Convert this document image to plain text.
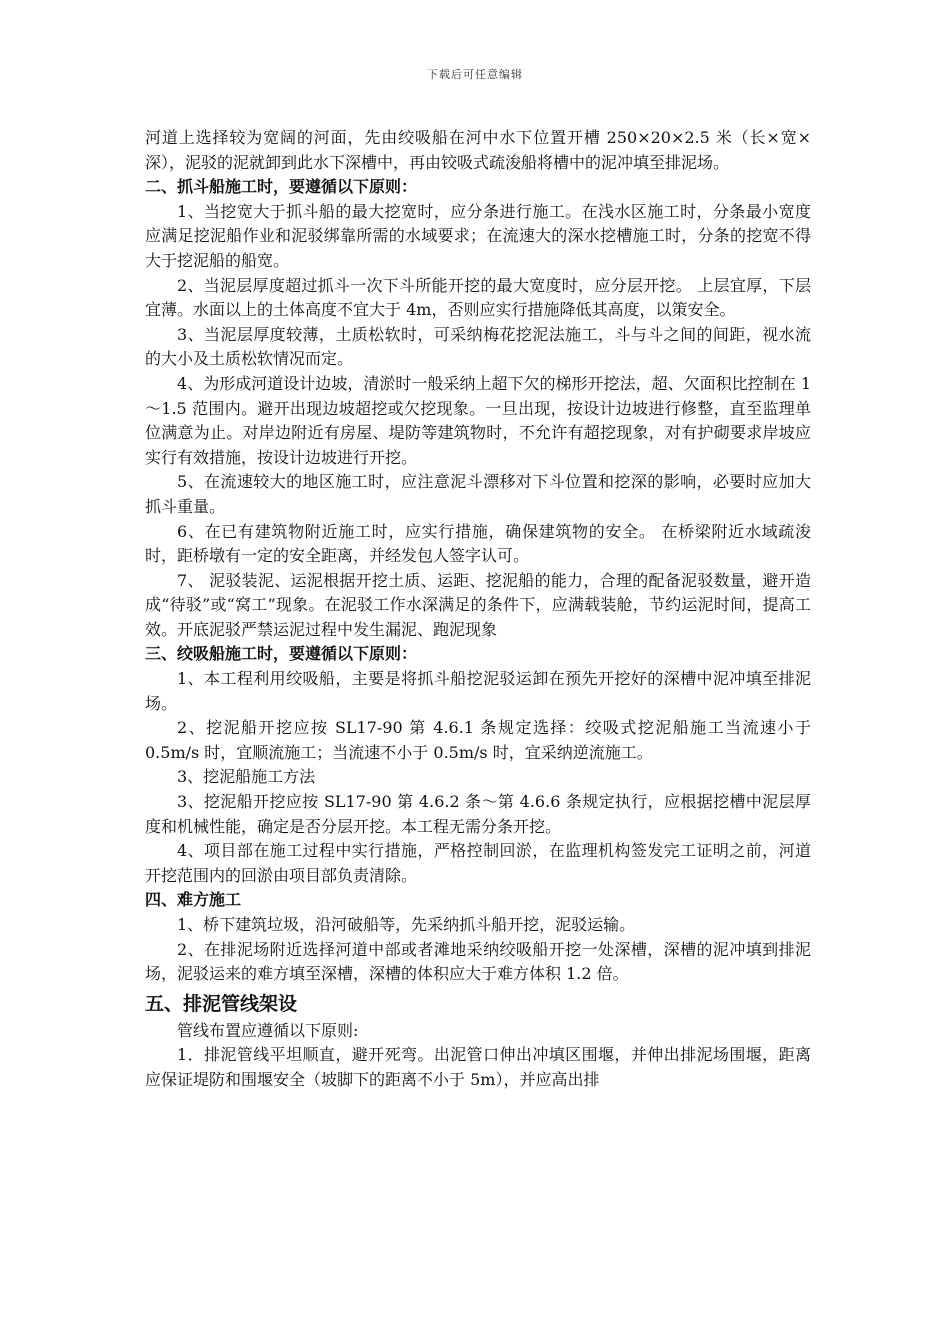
下载后可任意编辑

河道上选择较为宽阔的河面，先由绞吸船在河中水下位置开槽 250×20×2.5 米（长×宽×深），泥驳的泥就卸到此水下深槽中，再由铰吸式疏浚船将槽中的泥冲填至排泥场。

二、抓斗船施工时，要遵循以下原则：

1、当挖宽大于抓斗船的最大挖宽时，应分条进行施工。在浅水区施工时，分条最小宽度应满足挖泥船作业和泥驳绑靠所需的水域要求；在流速大的深水挖槽施工时，分条的挖宽不得大于挖泥船的船宽。

2、当泥层厚度超过抓斗一次下斗所能开挖的最大宽度时，应分层开挖。 上层宜厚，下层宜薄。水面以上的土体高度不宜大于 4m，否则应实行措施降低其高度，以策安全。

3、当泥层厚度较薄，土质松软时，可采纳梅花挖泥法施工，斗与斗之间的间距，视水流的大小及土质松软情况而定。

4、为形成河道设计边坡，清淤时一般采纳上超下欠的梯形开挖法，超、欠面积比控制在 1～1.5 范围内。避开出现边坡超挖或欠挖现象。一旦出现，按设计边坡进行修整，直至监理单位满意为止。对岸边附近有房屋、堤防等建筑物时，不允许有超挖现象，对有护砌要求岸坡应实行有效措施，按设计边坡进行开挖。

5、在流速较大的地区施工时，应注意泥斗漂移对下斗位置和挖深的影响，必要时应加大抓斗重量。

6、在已有建筑物附近施工时，应实行措施，确保建筑物的安全。 在桥梁附近水域疏浚时，距桥墩有一定的安全距离，并经发包人签字认可。

7、 泥驳装泥、运泥根据开挖土质、运距、挖泥船的能力，合理的配备泥驳数量，避开造成“待驳”或“窝工”现象。在泥驳工作水深满足的条件下，应满载装舱，节约运泥时间，提高工效。开底泥驳严禁运泥过程中发生漏泥、跑泥现象

三、绞吸船施工时，要遵循以下原则：

1、本工程利用绞吸船，主要是将抓斗船挖泥驳运卸在预先开挖好的深槽中泥冲填至排泥场。

2、挖泥船开挖应按 SL17-90 第 4.6.1 条规定选择：绞吸式挖泥船施工当流速小于 0.5m/s 时，宜顺流施工；当流速不小于 0.5m/s 时，宜采纳逆流施工。

3、挖泥船施工方法

3、挖泥船开挖应按 SL17-90 第 4.6.2 条～第 4.6.6 条规定执行，应根据挖槽中泥层厚度和机械性能，确定是否分层开挖。本工程无需分条开挖。

4、项目部在施工过程中实行措施，严格控制回淤，在监理机构签发完工证明之前，河道开挖范围内的回淤由项目部负责清除。

四、难方施工

1、桥下建筑垃圾，沿河破船等，先采纳抓斗船开挖，泥驳运输。

2、在排泥场附近选择河道中部或者滩地采纳绞吸船开挖一处深槽，深槽的泥冲填到排泥场，泥驳运来的难方填至深槽，深槽的体积应大于难方体积 1.2 倍。

五、排泥管线架设

管线布置应遵循以下原则:

1．排泥管线平坦顺直，避开死弯。出泥管口伸出冲填区围堰，并伸出排泥场围堰，距离应保证堤防和围堰安全（坡脚下的距离不小于 5m），并应高出排
